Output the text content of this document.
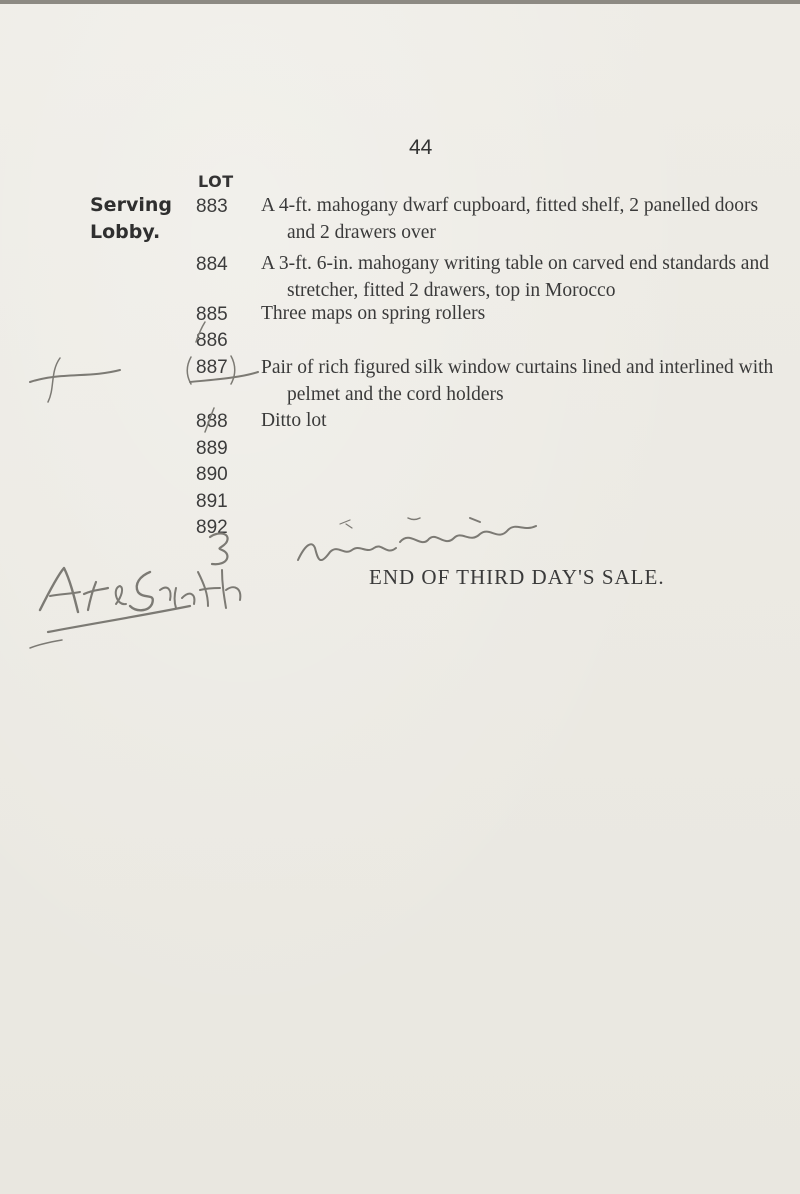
44
LOT
Serving
Lobby.
883 A 4-ft. mahogany dwarf cupboard, fitted shelf, 2 panelled doors
and 2 drawers over
884 A 3-ft. 6-in. mahogany writing table on carved end standards and
stretcher, fitted 2 drawers, top in Morocco
885 Three maps on spring rollers
886
887 Pair of rich figured silk window curtains lined and interlined with
pelmet and the cord holders
888 Ditto lot
889
890
891
892
END OF THIRD DAY'S SALE.
